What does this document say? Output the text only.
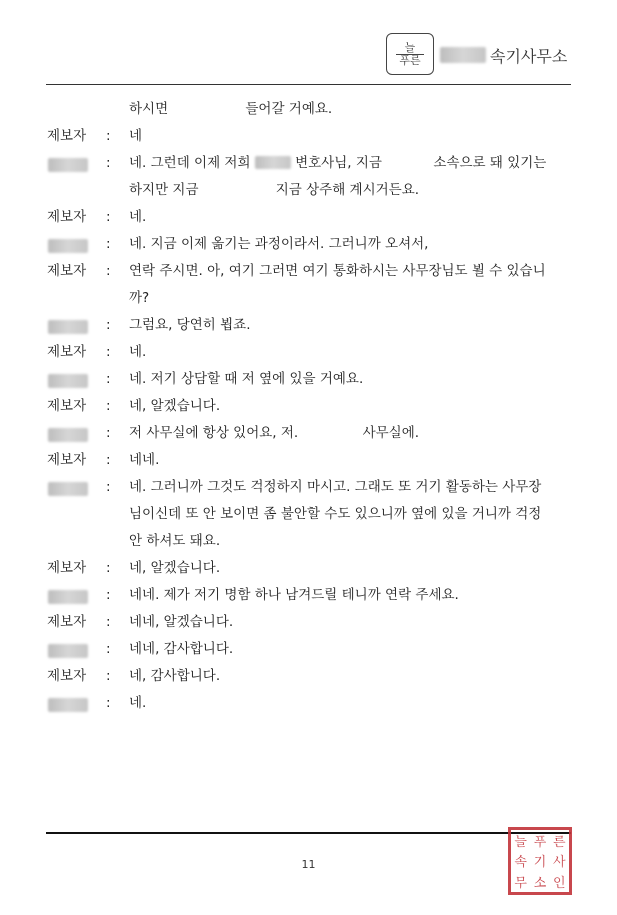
늘
푸른	속기사무소
하시면                  들어갈 거예요.
제보자 : 네
: 네. 그런데 이제 저희	변호사님, 지금            소속으로 돼 있기는
하지만 지금                  지금 상주해 계시거든요.
제보자 : 네.
: 네. 지금 이제 옮기는 과정이라서. 그러니까 오셔서,
제보자 : 연락 주시면. 아, 여기 그러면 여기 통화하시는 사무장님도 뵐 수 있습니
까?
: 그럼요, 당연히 뵙죠.
제보자 : 네.
: 네. 저기 상담할 때 저 옆에 있을 거예요.
제보자 : 네, 알겠습니다.
: 저 사무실에 항상 있어요, 저.               사무실에.
제보자 : 네네.
: 네. 그러니까 그것도 걱정하지 마시고. 그래도 또 거기 활동하는 사무장
님이신데 또 안 보이면 좀 불안할 수도 있으니까 옆에 있을 거니까 걱정
안 하셔도 돼요.
제보자 : 네, 알겠습니다.
: 네네. 제가 저기 명함 하나 남겨드릴 테니까 연락 주세요.
제보자 : 네네, 알겠습니다.
: 네네, 감사합니다.
제보자 : 네, 감사합니다.
: 네.
11
늘 푸 른
속 기 사
무 소 인
